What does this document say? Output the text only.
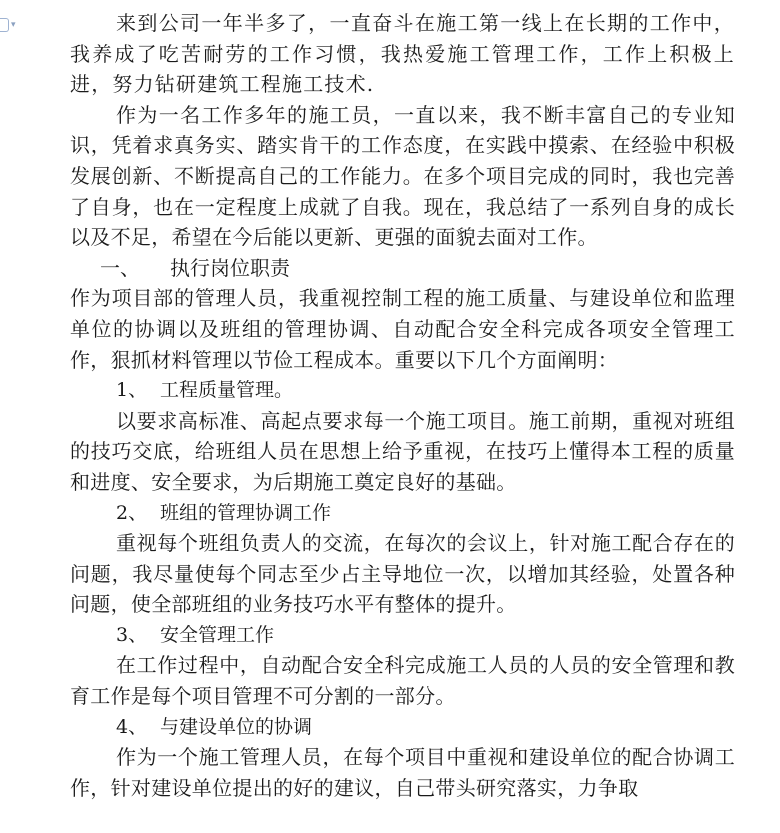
▾	来到公司一年半多了，一直奋斗在施工第一线上在长期的工作中，我养成了吃苦耐劳的工作习惯，我热爱施工管理工作，工作上积极上进，努力钻研建筑工程施工技术.

作为一名工作多年的施工员，一直以来，我不断丰富自己的专业知识，凭着求真务实、踏实肯干的工作态度，在实践中摸索、在经验中积极发展创新、不断提高自己的工作能力。在多个项目完成的同时，我也完善了自身，也在一定程度上成就了自我。现在，我总结了一系列自身的成长以及不足，希望在今后能以更新、更强的面貌去面对工作。

一、 执行岗位职责

作为项目部的管理人员，我重视控制工程的施工质量、与建设单位和监理单位的协调以及班组的管理协调、自动配合安全科完成各项安全管理工作，狠抓材料管理以节俭工程成本。重要以下几个方面阐明：

1、 工程质量管理。

以要求高标准、高起点要求每一个施工项目。施工前期，重视对班组的技巧交底，给班组人员在思想上给予重视，在技巧上懂得本工程的质量和进度、安全要求，为后期施工奠定良好的基础。

2、 班组的管理协调工作

重视每个班组负责人的交流，在每次的会议上，针对施工配合存在的问题，我尽量使每个同志至少占主导地位一次，以增加其经验，处置各种问题，使全部班组的业务技巧水平有整体的提升。

3、 安全管理工作

在工作过程中，自动配合安全科完成施工人员的人员的安全管理和教育工作是每个项目管理不可分割的一部分。

4、 与建设单位的协调

作为一个施工管理人员，在每个项目中重视和建设单位的配合协调工作，针对建设单位提出的好的建议，自己带头研究落实，力争取
